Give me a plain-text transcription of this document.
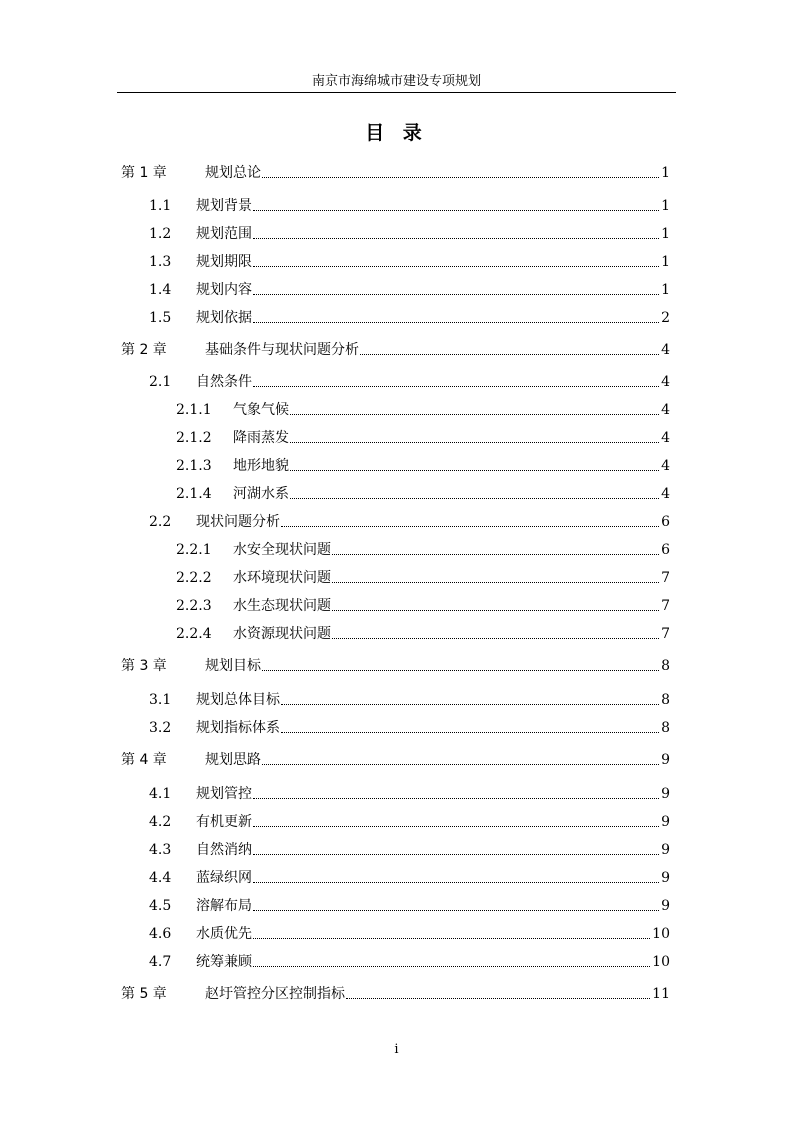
南京市海绵城市建设专项规划
目 录
第 1 章	规划总论	1
1.1 规划背景	1
1.2 规划范围	1
1.3 规划期限	1
1.4 规划内容	1
1.5 规划依据	2
第 2 章	基础条件与现状问题分析	4
2.1 自然条件	4
2.1.1 气象气候	4
2.1.2 降雨蒸发	4
2.1.3 地形地貌	4
2.1.4 河湖水系	4
2.2 现状问题分析	6
2.2.1 水安全现状问题	6
2.2.2 水环境现状问题	7
2.2.3 水生态现状问题	7
2.2.4 水资源现状问题	7
第 3 章	规划目标	8
3.1 规划总体目标	8
3.2 规划指标体系	8
第 4 章	规划思路	9
4.1 规划管控	9
4.2 有机更新	9
4.3 自然消纳	9
4.4 蓝绿织网	9
4.5 溶解布局	9
4.6 水质优先	10
4.7 统筹兼顾	10
第 5 章	赵圩管控分区控制指标	11
i
